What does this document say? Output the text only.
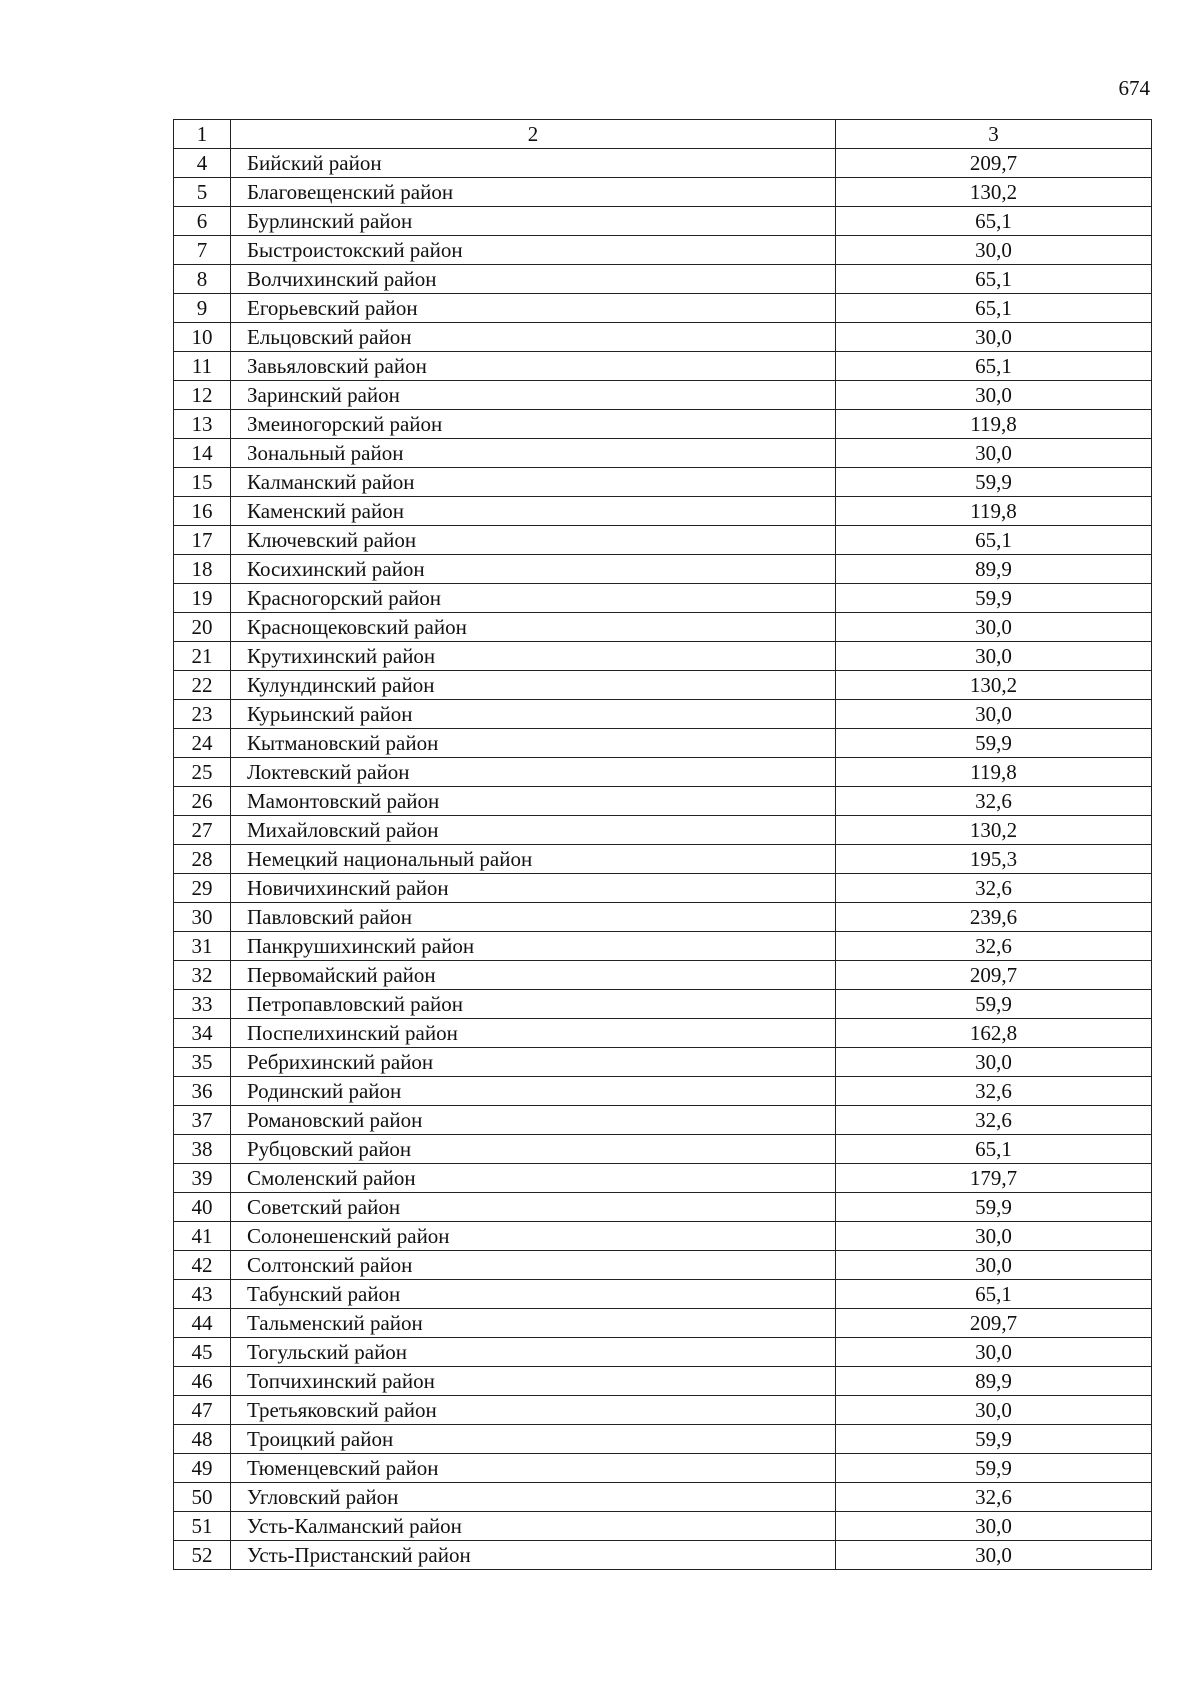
674
1	2	3
4	Бийский район	209,7
5	Благовещенский район	130,2
6	Бурлинский район	65,1
7	Быстроистокский район	30,0
8	Волчихинский район	65,1
9	Егорьевский район	65,1
10	Ельцовский район	30,0
11	Завьяловский район	65,1
12	Заринский район	30,0
13	Змеиногорский район	119,8
14	Зональный район	30,0
15	Калманский район	59,9
16	Каменский район	119,8
17	Ключевский район	65,1
18	Косихинский район	89,9
19	Красногорский район	59,9
20	Краснощековский район	30,0
21	Крутихинский район	30,0
22	Кулундинский район	130,2
23	Курьинский район	30,0
24	Кытмановский район	59,9
25	Локтевский район	119,8
26	Мамонтовский район	32,6
27	Михайловский район	130,2
28	Немецкий национальный район	195,3
29	Новичихинский район	32,6
30	Павловский район	239,6
31	Панкрушихинский район	32,6
32	Первомайский район	209,7
33	Петропавловский район	59,9
34	Поспелихинский район	162,8
35	Ребрихинский район	30,0
36	Родинский район	32,6
37	Романовский район	32,6
38	Рубцовский район	65,1
39	Смоленский район	179,7
40	Советский район	59,9
41	Солонешенский район	30,0
42	Солтонский район	30,0
43	Табунский район	65,1
44	Тальменский район	209,7
45	Тогульский район	30,0
46	Топчихинский район	89,9
47	Третьяковский район	30,0
48	Троицкий район	59,9
49	Тюменцевский район	59,9
50	Угловский район	32,6
51	Усть-Калманский район	30,0
52	Усть-Пристанский район	30,0
